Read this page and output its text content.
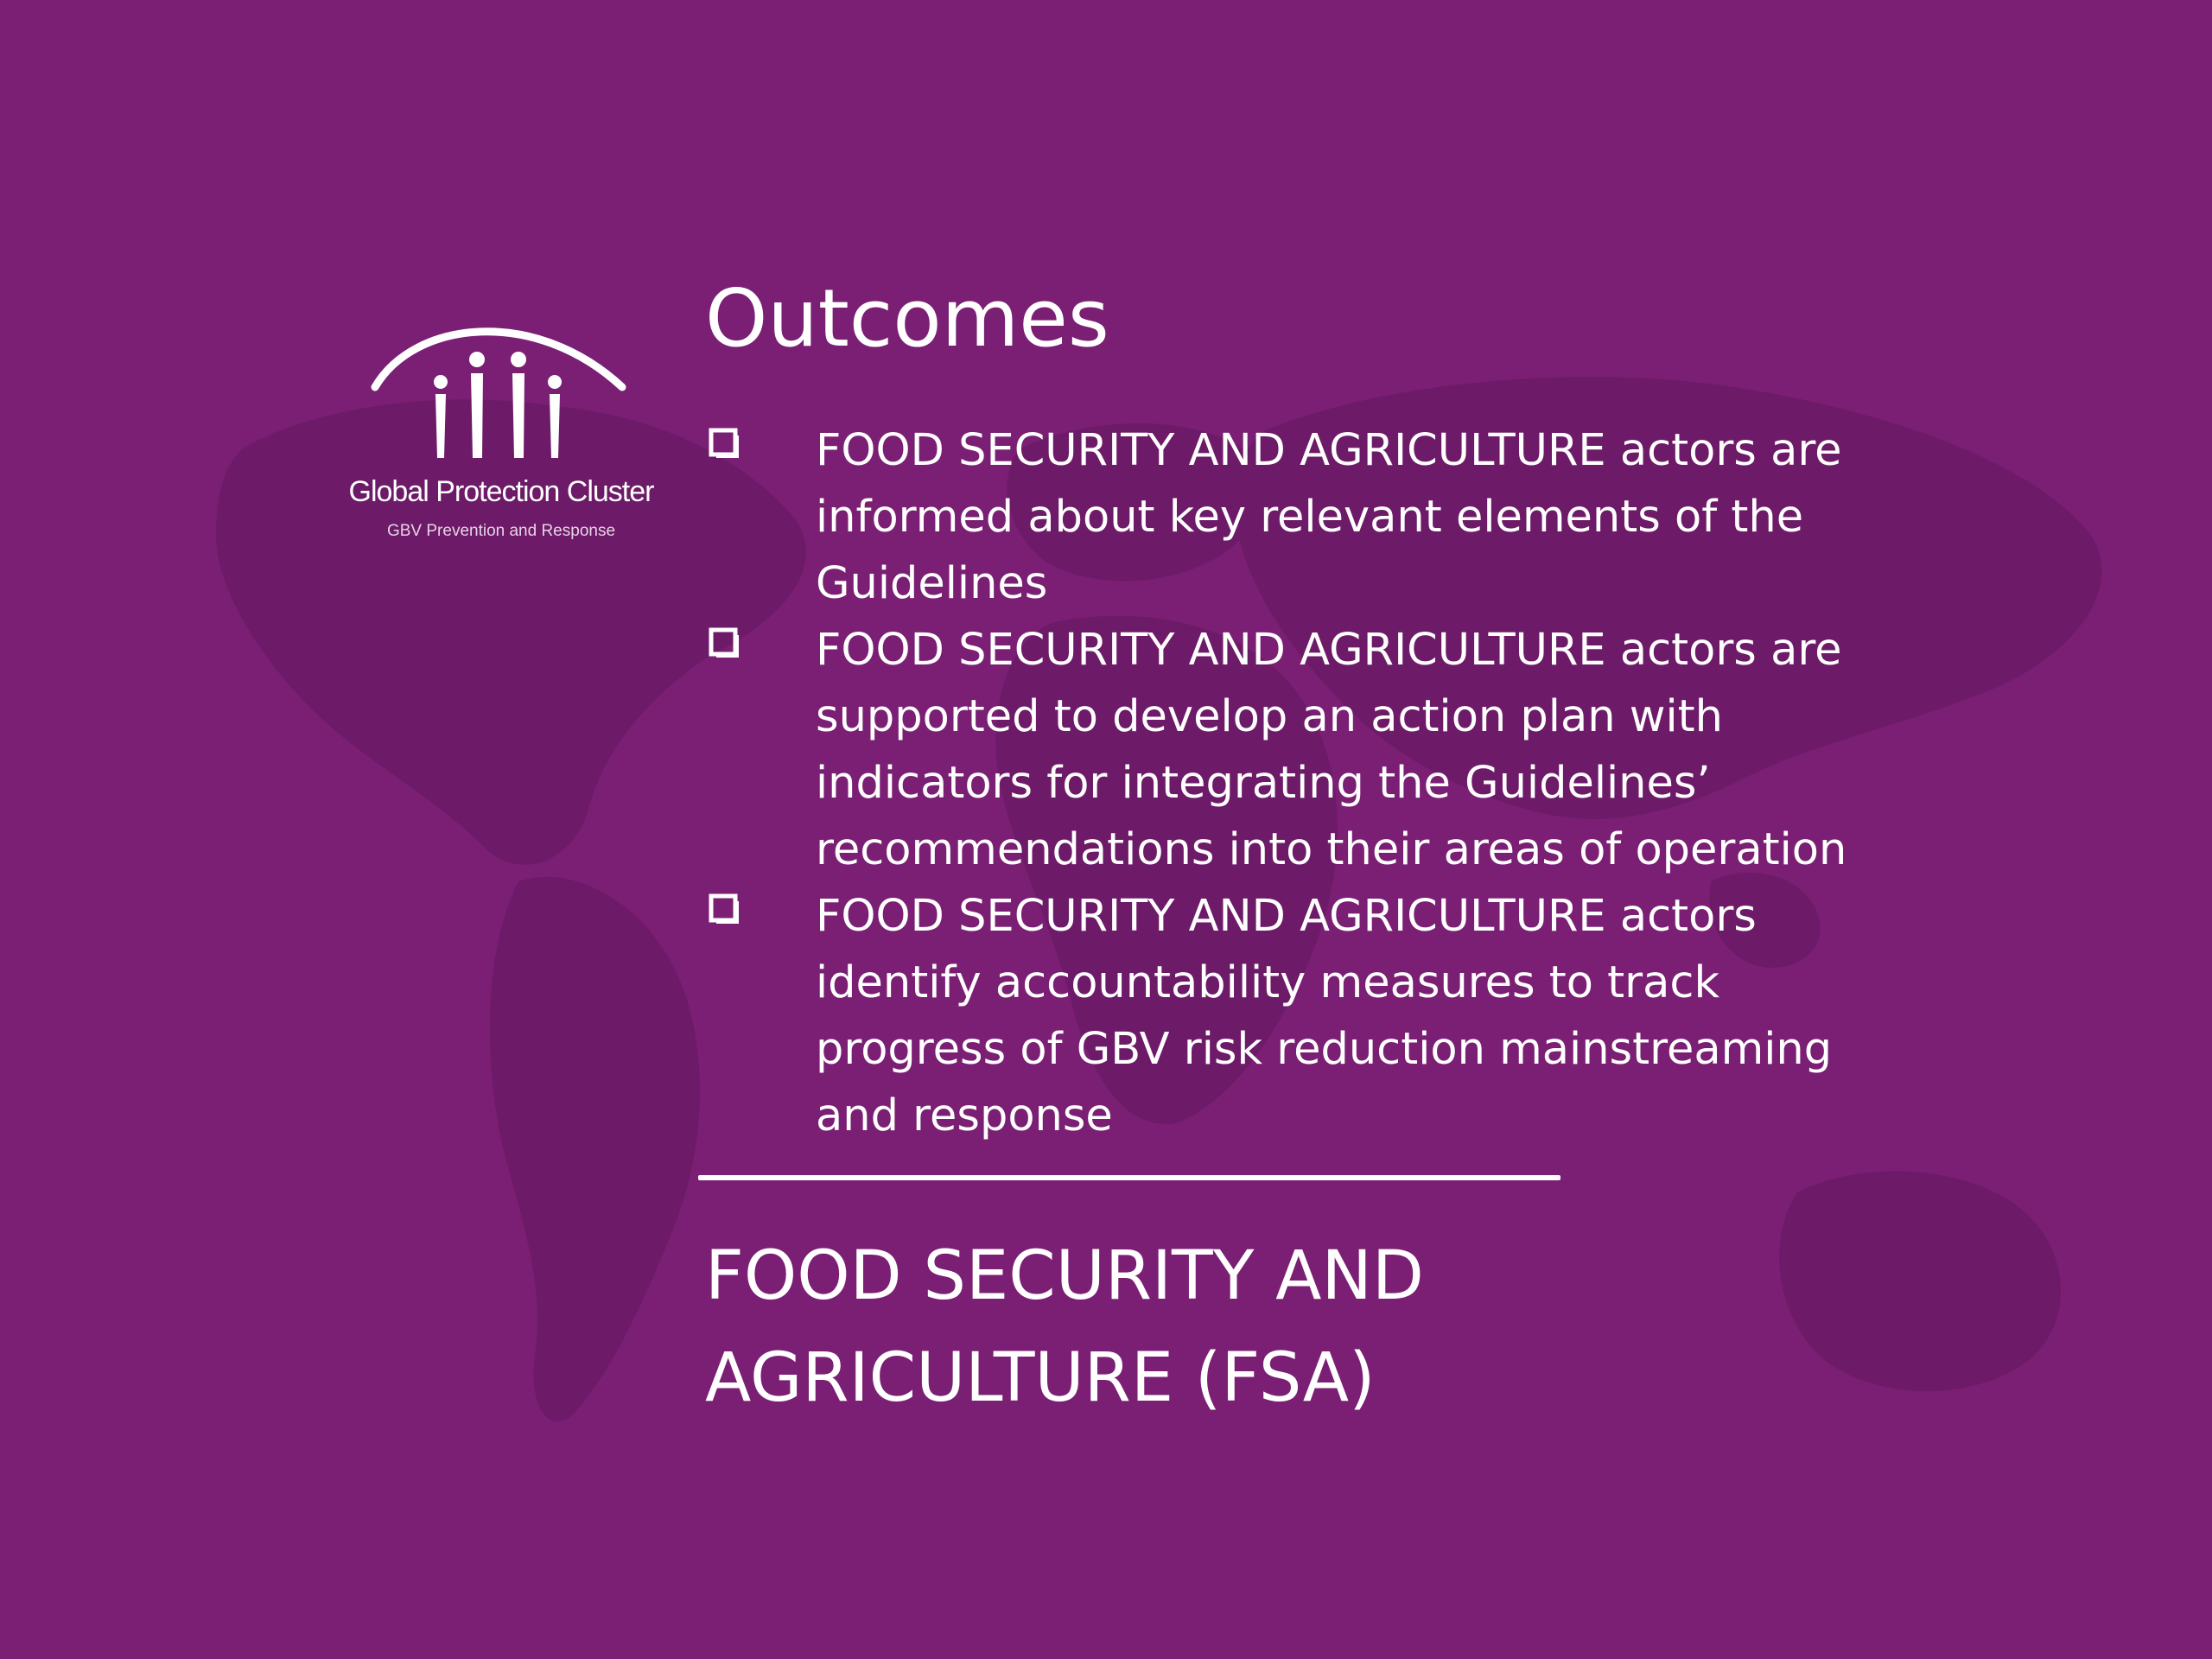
Global Protection Cluster
GBV Prevention and Response
Outcomes
FOOD SECURITY AND AGRICULTURE actors are informed about key relevant elements of the Guidelines
FOOD SECURITY AND AGRICULTURE actors are supported to develop an action plan with indicators for integrating the Guidelines’ recommendations into their areas of operation
FOOD SECURITY AND AGRICULTURE actors identify accountability measures to track progress of GBV risk reduction mainstreaming and response
FOOD SECURITY AND AGRICULTURE (FSA)
